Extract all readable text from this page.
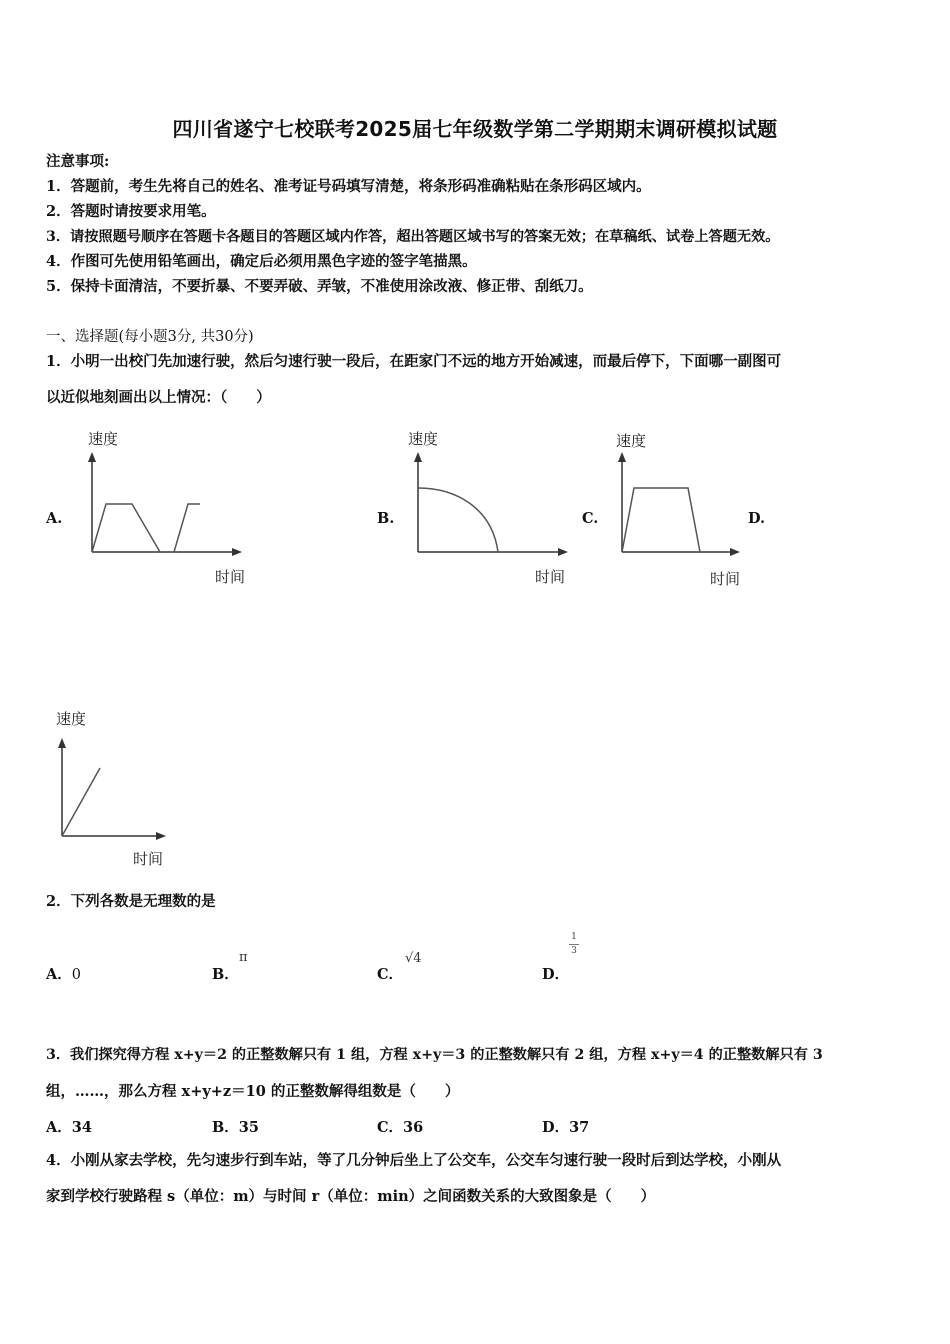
四川省遂宁七校联考2025届七年级数学第二学期期末调研模拟试题
注意事项:
1．答题前，考生先将自己的姓名、准考证号码填写清楚，将条形码准确粘贴在条形码区域内。
2．答题时请按要求用笔。
3．请按照题号顺序在答题卡各题目的答题区域内作答，超出答题区域书写的答案无效；在草稿纸、试卷上答题无效。
4．作图可先使用铅笔画出，确定后必须用黑色字迹的签字笔描黑。
5．保持卡面清洁，不要折暴、不要弄破、弄皱，不准使用涂改液、修正带、刮纸刀。
一、选择题(每小题3分, 共30分)
1．小明一出校门先加速行驶，然后匀速行驶一段后，在距家门不远的地方开始减速，而最后停下，下面哪一副图可
以近似地刻画出以上情况：（　　）
A.
速度
时间
B.
速度
时间
C.
速度
时间
D.
速度
时间
2．下列各数是无理数的是
A．0	B．
π
C．
√4
D．
1
3
3．我们探究得方程 x+y＝2 的正整数解只有 1 组，方程 x+y＝3 的正整数解只有 2 组，方程 x+y＝4 的正整数解只有 3
组，……，那么方程 x+y+z＝10 的正整数解得组数是（　　）
A．34	B．35	C．36	D．37
4．小刚从家去学校，先匀速步行到车站，等了几分钟后坐上了公交车，公交车匀速行驶一段时后到达学校，小刚从
家到学校行驶路程 s（单位：m）与时间 r（单位：min）之间函数关系的大致图象是（　　）
